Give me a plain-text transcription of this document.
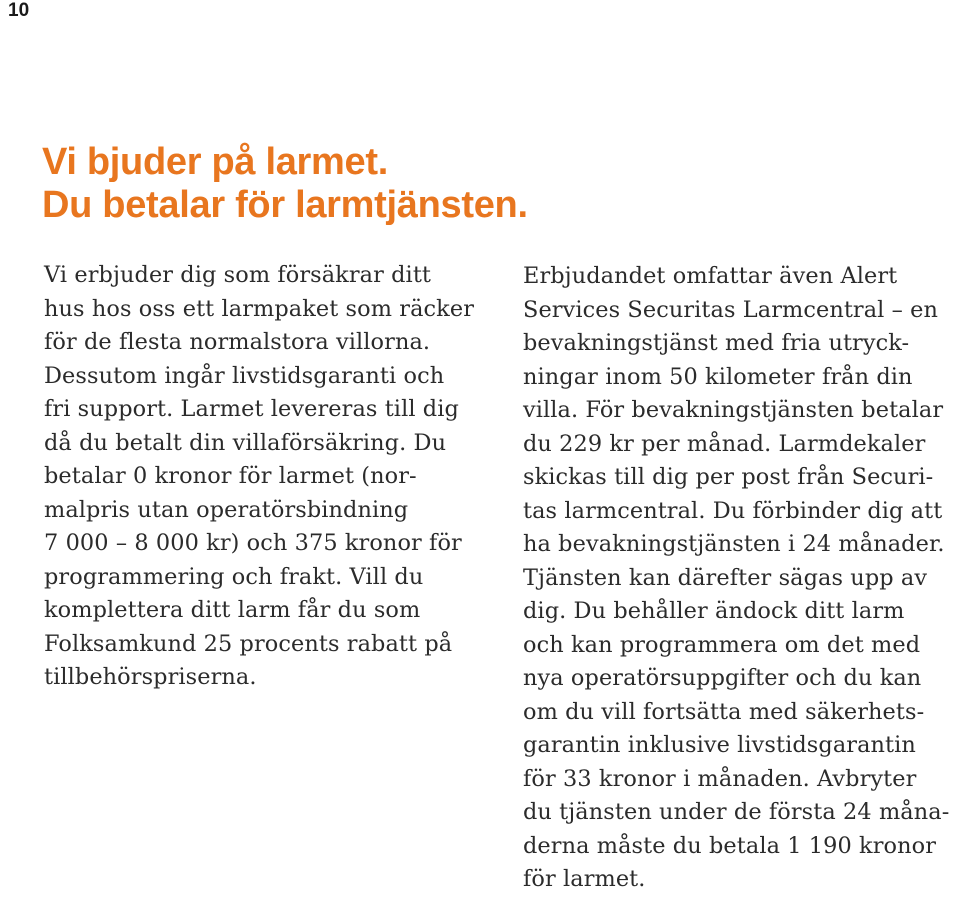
10
Vi bjuder på larmet.
Du betalar för larmtjänsten.
Vi erbjuder dig som försäkrar ditt
hus hos oss ett larmpaket som räcker
för de flesta normalstora villorna.
Dessutom ingår livstidsgaranti och
fri support. Larmet levereras till dig
då du betalt din villaförsäkring. Du
betalar 0 kronor för larmet (nor-
malpris utan operatörsbindning
7 000 – 8 000 kr) och 375 kronor för
programmering och frakt. Vill du
komplettera ditt larm får du som
Folksamkund 25 procents rabatt på
tillbehörspriserna.
Erbjudandet omfattar även Alert
Services Securitas Larmcentral – en
bevakningstjänst med fria utryck-
ningar inom 50 kilometer från din
villa. För bevakningstjänsten betalar
du 229 kr per månad. Larmdekaler
skickas till dig per post från Securi-
tas larmcentral. Du förbinder dig att
ha bevakningstjänsten i 24 månader.
Tjänsten kan därefter sägas upp av
dig. Du behåller ändock ditt larm
och kan programmera om det med
nya operatörsuppgifter och du kan
om du vill fortsätta med säkerhets-
garantin inklusive livstidsgarantin
för 33 kronor i månaden. Avbryter
du tjänsten under de första 24 måna-
derna måste du betala 1 190 kronor
för larmet.
